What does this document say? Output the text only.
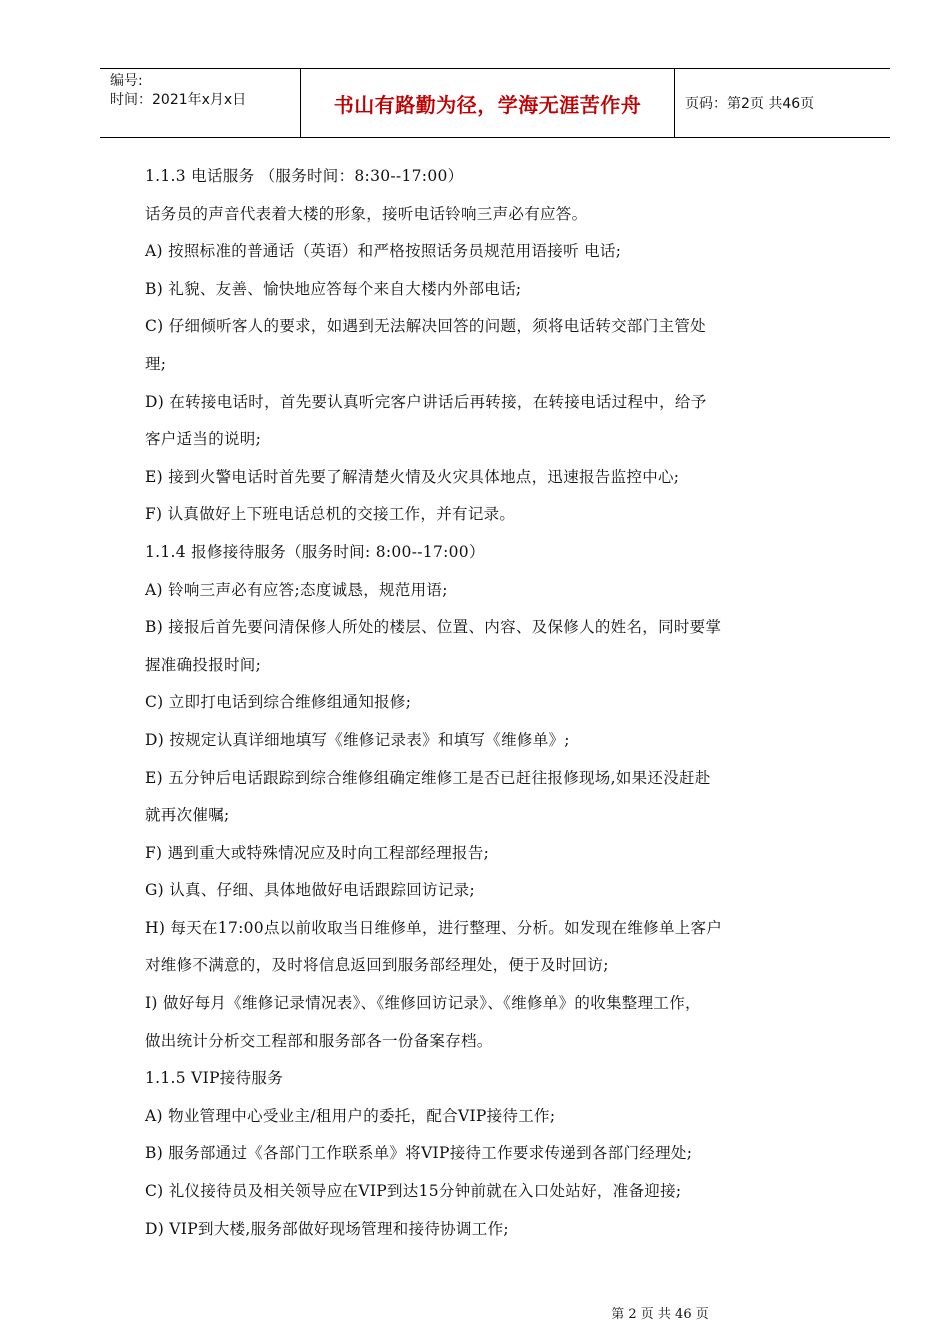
编号:
时间：2021年x月x日	书山有路勤为径，学海无涯苦作舟	页码：第2页 共46页
1.1.3 电话服务 （服务时间：8:30--17:00）
话务员的声音代表着大楼的形象，接听电话铃响三声必有应答。
A) 按照标准的普通话（英语）和严格按照话务员规范用语接听 电话;
B) 礼貌、友善、愉快地应答每个来自大楼内外部电话;
C) 仔细倾听客人的要求，如遇到无法解决回答的问题，须将电话转交部门主管处
理;
D) 在转接电话时，首先要认真听完客户讲话后再转接，在转接电话过程中，给予
客户适当的说明;
E) 接到火警电话时首先要了解清楚火情及火灾具体地点，迅速报告监控中心;
F) 认真做好上下班电话总机的交接工作，并有记录。
1.1.4 报修接待服务（服务时间: 8:00--17:00）
A) 铃响三声必有应答;态度诚恳，规范用语;
B) 接报后首先要问清保修人所处的楼层、位置、内容、及保修人的姓名，同时要掌
握准确投报时间;
C) 立即打电话到综合维修组通知报修;
D) 按规定认真详细地填写《维修记录表》和填写《维修单》;
E) 五分钟后电话跟踪到综合维修组确定维修工是否已赶往报修现场,如果还没赶赴
就再次催嘱;
F) 遇到重大或特殊情况应及时向工程部经理报告;
G) 认真、仔细、具体地做好电话跟踪回访记录;
H) 每天在17:00点以前收取当日维修单，进行整理、分析。如发现在维修单上客户
对维修不满意的，及时将信息返回到服务部经理处，便于及时回访;
I) 做好每月《维修记录情况表》、《维修回访记录》、《维修单》的收集整理工作，
做出统计分析交工程部和服务部各一份备案存档。
1.1.5 VIP接待服务
A) 物业管理中心受业主/租用户的委托，配合VIP接待工作;
B) 服务部通过《各部门工作联系单》将VIP接待工作要求传递到各部门经理处;
C) 礼仪接待员及相关领导应在VIP到达15分钟前就在入口处站好，准备迎接;
D) VIP到大楼,服务部做好现场管理和接待协调工作;
第 2 页 共 46 页
